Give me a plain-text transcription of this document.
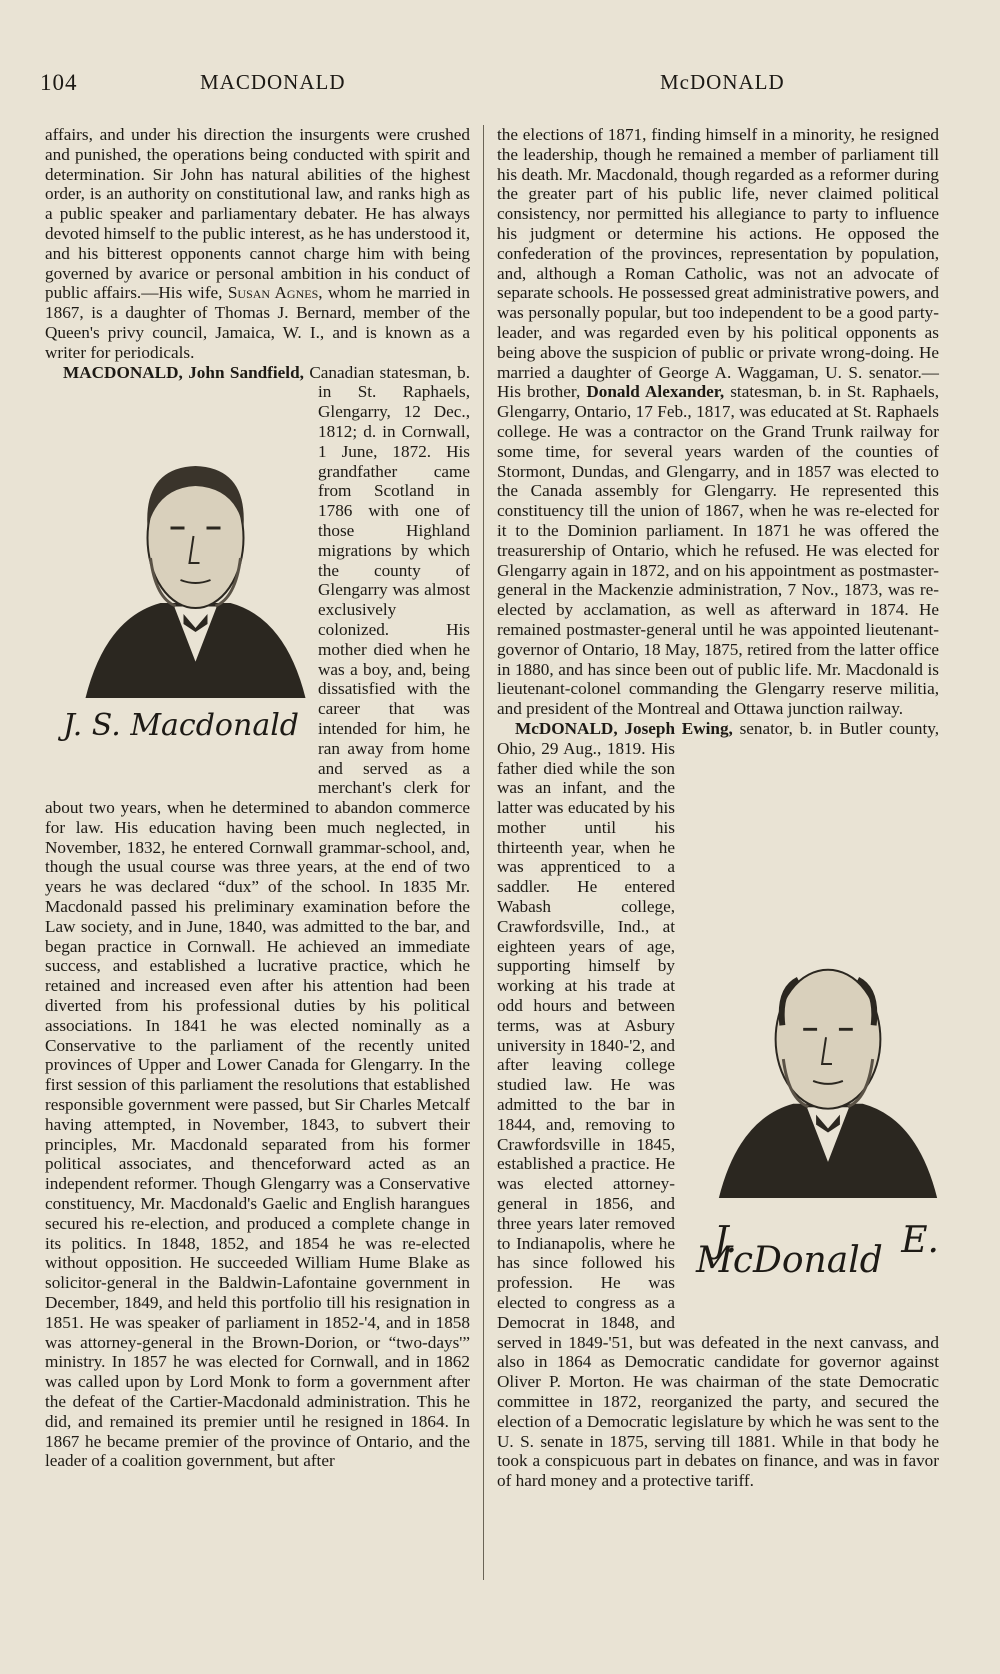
104	MACDONALD	McDONALD

affairs, and under his direction the insurgents were crushed and punished, the operations being conducted with spirit and determination. Sir John has natural abilities of the highest order, is an authority on constitutional law, and ranks high as a public speaker and parliamentary debater. He has always devoted himself to the public interest, as he has understood it, and his bitterest opponents cannot charge him with being governed by avarice or personal ambition in his conduct of public affairs.—His wife, Susan Agnes, whom he married in 1867, is a daughter of Thomas J. Bernard, member of the Queen's privy council, Jamaica, W. I., and is known as a writer for periodicals.

MACDONALD, John Sandfield,
J. S. Macdonald
Canadian statesman, b. in St. Raphaels, Glengarry, 12 Dec., 1812; d. in Cornwall, 1 June, 1872. His grandfather came from Scotland in 1786 with one of those Highland migrations by which the county of Glengarry was almost exclusively colonized. His mother died when he was a boy, and, being dissatisfied with the career that was intended for him, he ran away from home and served as a merchant's clerk for about two years, when he determined to abandon commerce for law. His education having been much neglected, in November, 1832, he entered Cornwall grammar-school, and, though the usual course was three years, at the end of two years he was declared “dux” of the school. In 1835 Mr. Macdonald passed his preliminary examination before the Law society, and in June, 1840, was admitted to the bar, and began practice in Cornwall. He achieved an immediate success, and established a lucrative practice, which he retained and increased even after his attention had been diverted from his professional duties by his political associations. In 1841 he was elected nominally as a Conservative to the parliament of the recently united provinces of Upper and Lower Canada for Glengarry. In the first session of this parliament the resolutions that established responsible government were passed, but Sir Charles Metcalf having attempted, in November, 1843, to subvert their principles, Mr. Macdonald separated from his former political associates, and thenceforward acted as an independent reformer. Though Glengarry was a Conservative constituency, Mr. Macdonald's Gaelic and English harangues secured his re-election, and produced a complete change in its politics. In 1848, 1852, and 1854 he was re-elected without opposition. He succeeded William Hume Blake as solicitor-general in the Baldwin-Lafontaine government in December, 1849, and held this portfolio till his resignation in 1851. He was speaker of parliament in 1852-'4, and in 1858 was attorney-general in the Brown-Dorion, or “two-days'” ministry. In 1857 he was elected for Cornwall, and in 1862 was called upon by Lord Monk to form a government after the defeat of the Cartier-Macdonald administration. This he did, and remained its premier until he resigned in 1864. In 1867 he became premier of the province of Ontario, and the leader of a coalition government, but after

the elections of 1871, finding himself in a minority, he resigned the leadership, though he remained a member of parliament till his death. Mr. Macdonald, though regarded as a reformer during the greater part of his public life, never claimed political consistency, nor permitted his allegiance to party to influence his judgment or determine his actions. He opposed the confederation of the provinces, representation by population, and, although a Roman Catholic, was not an advocate of separate schools. He possessed great administrative powers, and was personally popular, but too independent to be a good party-leader, and was regarded even by his political opponents as being above the suspicion of public or private wrong-doing. He married a daughter of George A. Waggaman, U. S. senator.—His brother, Donald Alexander, statesman, b. in St. Raphaels, Glengarry, Ontario, 17 Feb., 1817, was educated at St. Raphaels college. He was a contractor on the Grand Trunk railway for some time, for several years warden of the counties of Stormont, Dundas, and Glengarry, and in 1857 was elected to the Canada assembly for Glengarry. He represented this constituency till the union of 1867, when he was re-elected for it to the Dominion parliament. In 1871 he was offered the treasurership of Ontario, which he refused. He was elected for Glengarry again in 1872, and on his appointment as postmaster-general in the Mackenzie administration, 7 Nov., 1873, was re-elected by acclamation, as well as afterward in 1874. He remained postmaster-general until he was appointed lieutenant-governor of Ontario, 18 May, 1875, retired from the latter office in 1880, and has since been out of public life. Mr. Macdonald is lieutenant-colonel commanding the Glengarry reserve militia, and president of the Montreal and Ottawa junction railway.

McDONALD, Joseph Ewing,
J. E. McDonald
senator, b. in Butler county, Ohio, 29 Aug., 1819. His father died while the son was an infant, and the latter was educated by his mother until his thirteenth year, when he was apprenticed to a saddler. He entered Wabash college, Crawfordsville, Ind., at eighteen years of age, supporting himself by working at his trade at odd hours and between terms, was at Asbury university in 1840-'2, and after leaving college studied law. He was admitted to the bar in 1844, and, removing to Crawfordsville in 1845, established a practice. He was elected attorney-general in 1856, and three years later removed to Indianapolis, where he has since followed his profession. He was elected to congress as a Democrat in 1848, and served in 1849-'51, but was defeated in the next canvass, and also in 1864 as Democratic candidate for governor against Oliver P. Morton. He was chairman of the state Democratic committee in 1872, reorganized the party, and secured the election of a Democratic legislature by which he was sent to the U. S. senate in 1875, serving till 1881. While in that body he took a conspicuous part in debates on finance, and was in favor of hard money and a protective tariff.
